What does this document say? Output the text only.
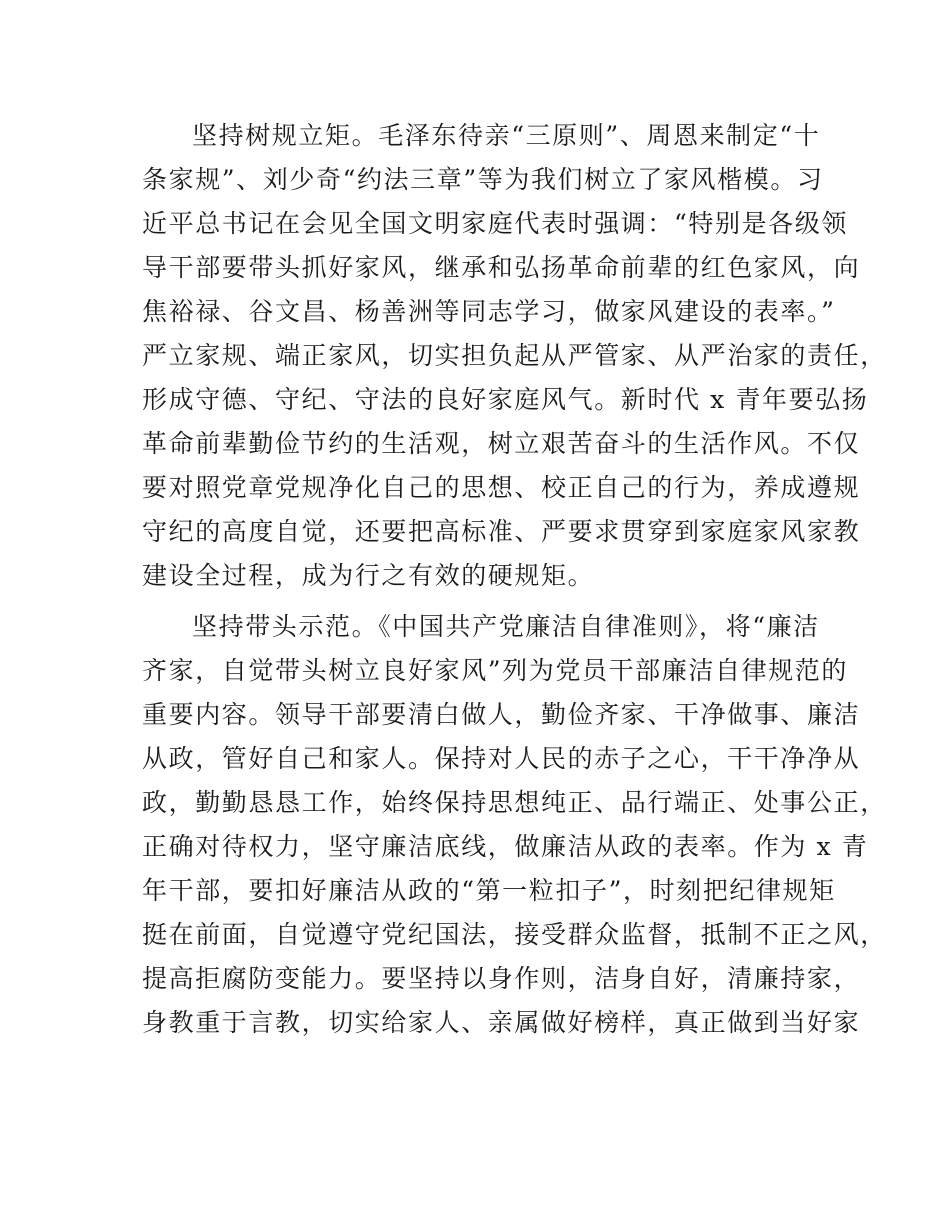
坚持树规立矩。毛泽东待亲“三原则”、周恩来制定“十
条家规”、刘少奇“约法三章”等为我们树立了家风楷模。习
近平总书记在会见全国文明家庭代表时强调：“特别是各级领
导干部要带头抓好家风，继承和弘扬革命前辈的红色家风，向
焦裕禄、谷文昌、杨善洲等同志学习，做家风建设的表率。”
严立家规、端正家风，切实担负起从严管家、从严治家的责任，
形成守德、守纪、守法的良好家庭风气。新时代 x 青年要弘扬
革命前辈勤俭节约的生活观，树立艰苦奋斗的生活作风。不仅
要对照党章党规净化自己的思想、校正自己的行为，养成遵规
守纪的高度自觉，还要把高标准、严要求贯穿到家庭家风家教
建设全过程，成为行之有效的硬规矩。
坚持带头示范。《中国共产党廉洁自律准则》，将“廉洁
齐家，自觉带头树立良好家风”列为党员干部廉洁自律规范的
重要内容。领导干部要清白做人，勤俭齐家、干净做事、廉洁
从政，管好自己和家人。保持对人民的赤子之心，干干净净从
政，勤勤恳恳工作，始终保持思想纯正、品行端正、处事公正，
正确对待权力，坚守廉洁底线，做廉洁从政的表率。作为 x 青
年干部，要扣好廉洁从政的“第一粒扣子”，时刻把纪律规矩
挺在前面，自觉遵守党纪国法，接受群众监督，抵制不正之风，
提高拒腐防变能力。要坚持以身作则，洁身自好，清廉持家，
身教重于言教，切实给家人、亲属做好榜样，真正做到当好家
